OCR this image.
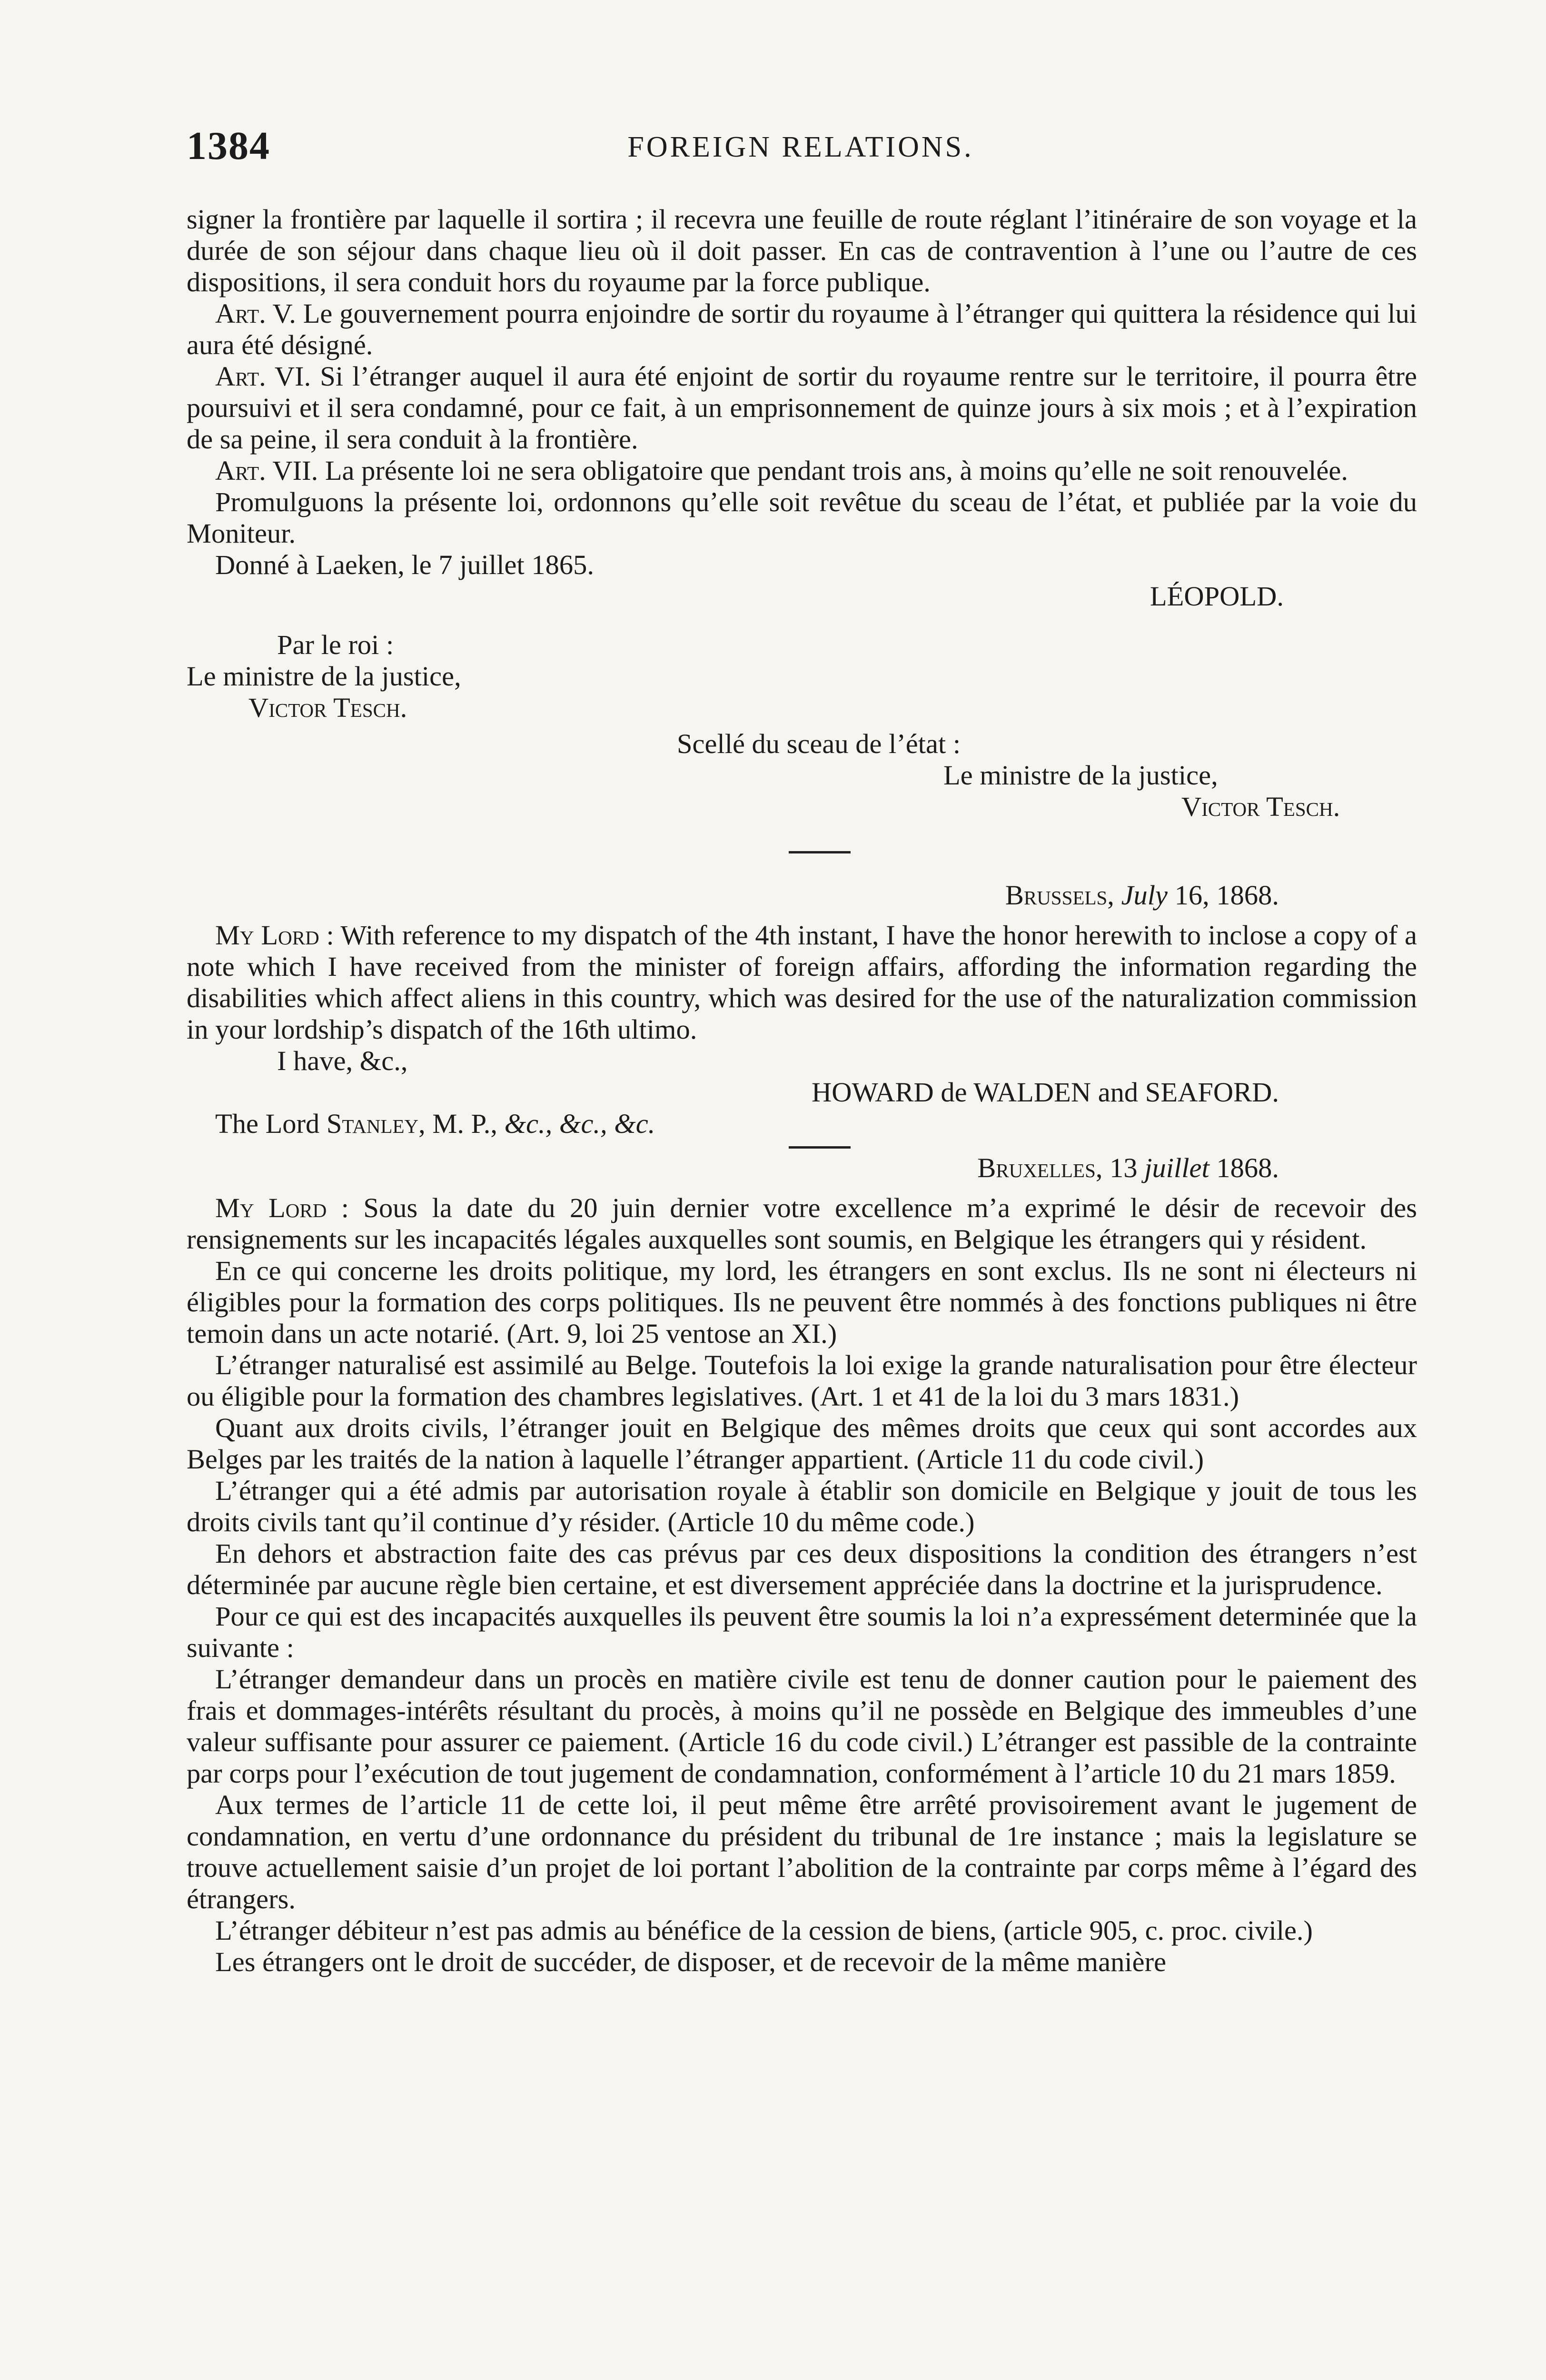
1384	FOREIGN RELATIONS.

signer la frontière par laquelle il sortira ; il recevra une feuille de route réglant l’itinéraire de son voyage et la durée de son séjour dans chaque lieu où il doit passer. En cas de contravention à l’une ou l’autre de ces dispositions, il sera conduit hors du royaume par la force publique.

Art. V. Le gouvernement pourra enjoindre de sortir du royaume à l’étranger qui quittera la résidence qui lui aura été désigné.

Art. VI. Si l’étranger auquel il aura été enjoint de sortir du royaume rentre sur le territoire, il pourra être poursuivi et il sera condamné, pour ce fait, à un emprisonnement de quinze jours à six mois ; et à l’expiration de sa peine, il sera conduit à la frontière.

Art. VII. La présente loi ne sera obligatoire que pendant trois ans, à moins qu’elle ne soit renouvelée.

Promulguons la présente loi, ordonnons qu’elle soit revêtue du sceau de l’état, et publiée par la voie du Moniteur.

Donné à Laeken, le 7 juillet 1865.

LÉOPOLD.
Par le roi :
Le ministre de la justice,
Victor Tesch.
Scellé du sceau de l’état :
Le ministre de la justice,
Victor Tesch.
Brussels, July 16, 1868.

My Lord : With reference to my dispatch of the 4th instant, I have the honor herewith to inclose a copy of a note which I have received from the minister of foreign affairs, affording the information regarding the disabilities which affect aliens in this country, which was desired for the use of the naturalization commission in your lordship’s dispatch of the 16th ultimo.

I have, &c.,
HOWARD de WALDEN and SEAFORD.
The Lord Stanley, M. P., &c., &c., &c.
Bruxelles, 13 juillet 1868.

My Lord : Sous la date du 20 juin dernier votre excellence m’a exprimé le désir de recevoir des rensignements sur les incapacités légales auxquelles sont soumis, en Belgique les étrangers qui y résident.

En ce qui concerne les droits politique, my lord, les étrangers en sont exclus. Ils ne sont ni électeurs ni éligibles pour la formation des corps politiques. Ils ne peuvent être nommés à des fonctions publiques ni être temoin dans un acte notarié. (Art. 9, loi 25 ventose an XI.)

L’étranger naturalisé est assimilé au Belge. Toutefois la loi exige la grande naturalisation pour être électeur ou éligible pour la formation des chambres legislatives. (Art. 1 et 41 de la loi du 3 mars 1831.)

Quant aux droits civils, l’étranger jouit en Belgique des mêmes droits que ceux qui sont accordes aux Belges par les traités de la nation à laquelle l’étranger appartient. (Article 11 du code civil.)

L’étranger qui a été admis par autorisation royale à établir son domicile en Belgique y jouit de tous les droits civils tant qu’il continue d’y résider. (Article 10 du même code.)

En dehors et abstraction faite des cas prévus par ces deux dispositions la condition des étrangers n’est déterminée par aucune règle bien certaine, et est diversement appréciée dans la doctrine et la jurisprudence.

Pour ce qui est des incapacités auxquelles ils peuvent être soumis la loi n’a expressément determinée que la suivante :

L’étranger demandeur dans un procès en matière civile est tenu de donner caution pour le paiement des frais et dommages-intérêts résultant du procès, à moins qu’il ne possède en Belgique des immeubles d’une valeur suffisante pour assurer ce paiement. (Article 16 du code civil.) L’étranger est passible de la contrainte par corps pour l’exécution de tout jugement de condamnation, conformément à l’article 10 du 21 mars 1859.

Aux termes de l’article 11 de cette loi, il peut même être arrêté provisoirement avant le jugement de condamnation, en vertu d’une ordonnance du président du tribunal de 1re instance ; mais la legislature se trouve actuellement saisie d’un projet de loi portant l’abolition de la contrainte par corps même à l’égard des étrangers.

L’étranger débiteur n’est pas admis au bénéfice de la cession de biens, (article 905, c. proc. civile.)

Les étrangers ont le droit de succéder, de disposer, et de recevoir de la même manière
